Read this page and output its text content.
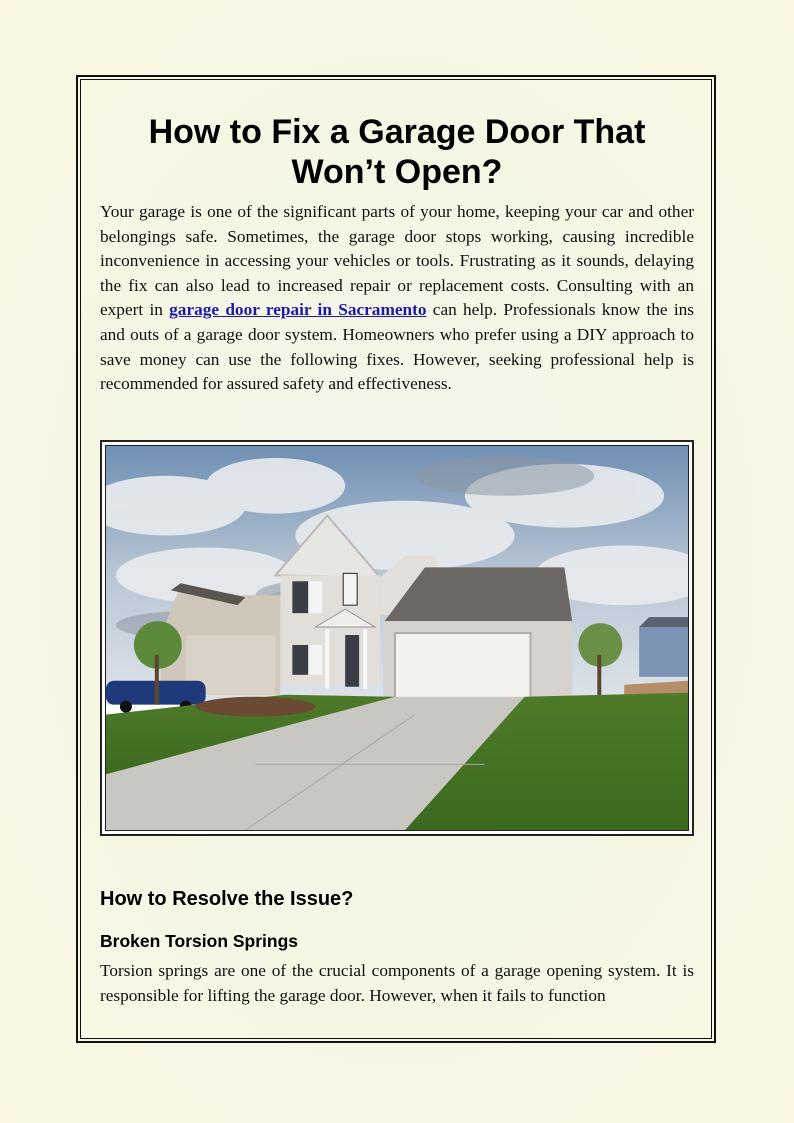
How to Fix a Garage Door That Won’t Open?

Your garage is one of the significant parts of your home, keeping your car and other belongings safe. Sometimes, the garage door stops working, causing incredible inconvenience in accessing your vehicles or tools. Frustrating as it sounds, delaying the fix can also lead to increased repair or replacement costs. Consulting with an expert in garage door repair in Sacramento can help. Professionals know the ins and outs of a garage door system. Homeowners who prefer using a DIY approach to save money can use the following fixes. However, seeking professional help is recommended for assured safety and effectiveness.

How to Resolve the Issue?
Broken Torsion Springs

Torsion springs are one of the crucial components of a garage opening system. It is responsible for lifting the garage door. However, when it fails to function
